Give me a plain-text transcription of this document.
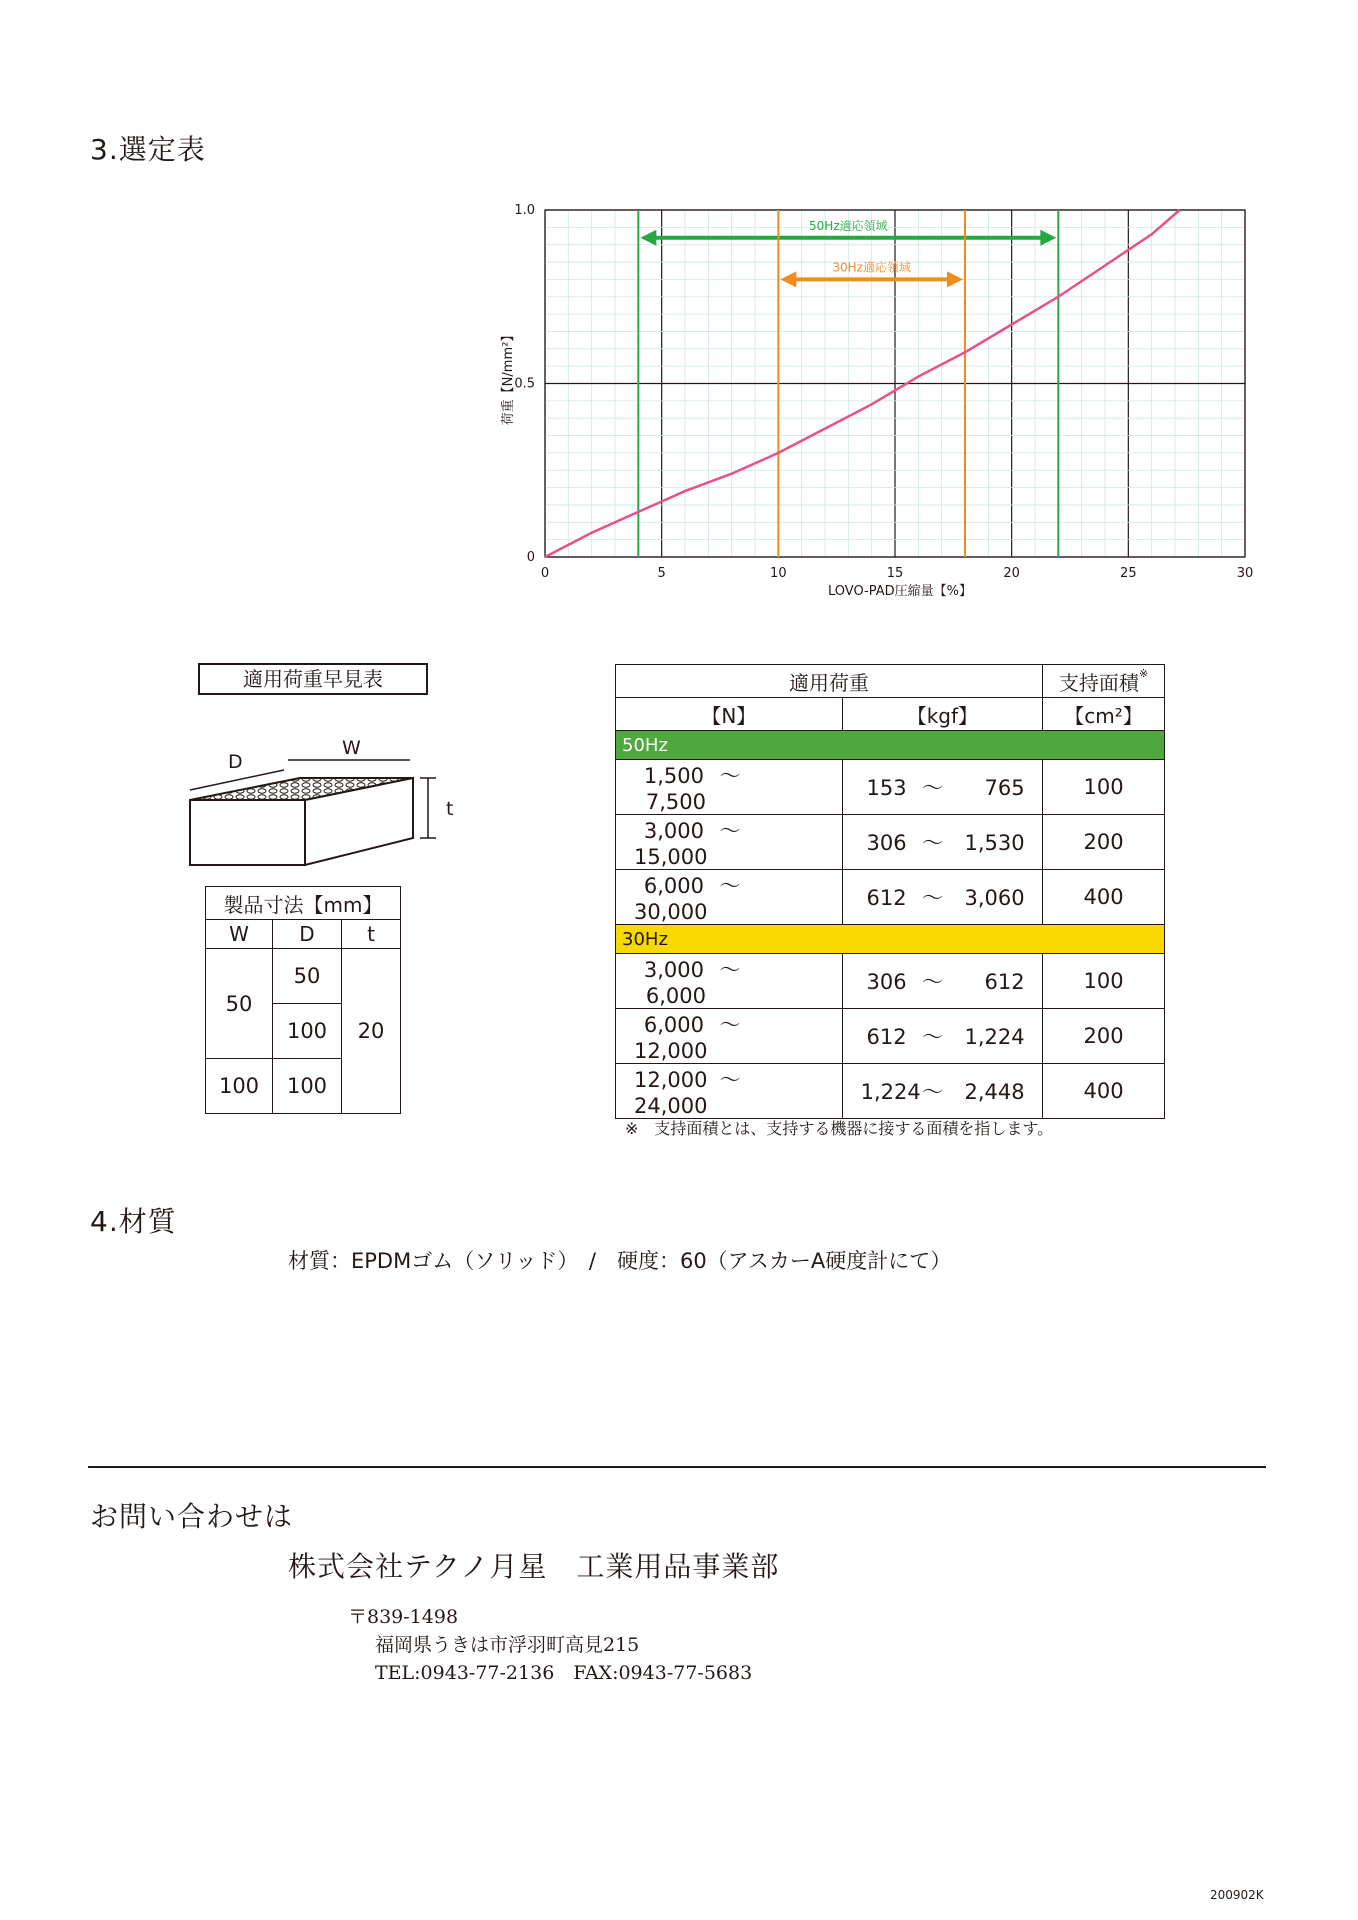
3.選定表
50Hz適応領域
30Hz適応領域
0	5	10	15	20	25	30
0
0.5
1.0
LOVO-PAD圧縮量【%】
荷重【N/mm²】
適用荷重早見表
D
W
t
製品寸法【mm】		
W	D	t
50	50	20
	100	
100	100	
適用荷重		支持面積※
【N】	【kgf】	【cm²】
50Hz		
1,500 ～7,500	153 ～ 765	100
3,000 ～15,000	306 ～ 1,530	200
6,000 ～30,000	612 ～ 3,060	400
30Hz		
3,000 ～6,000	306 ～ 612	100
6,000 ～12,000	612 ～ 1,224	200
12,000 ～24,000	1,224～ 2,448	400
※　支持面積とは、支持する機器に接する面積を指します。
4.材質
材質：EPDMゴム（ソリッド）　/　硬度：60（アスカーA硬度計にて）
お問い合わせは
株式会社テクノ月星　工業用品事業部
〒839-1498
福岡県うきは市浮羽町高見215
TEL:0943-77-2136　FAX:0943-77-5683
200902K
